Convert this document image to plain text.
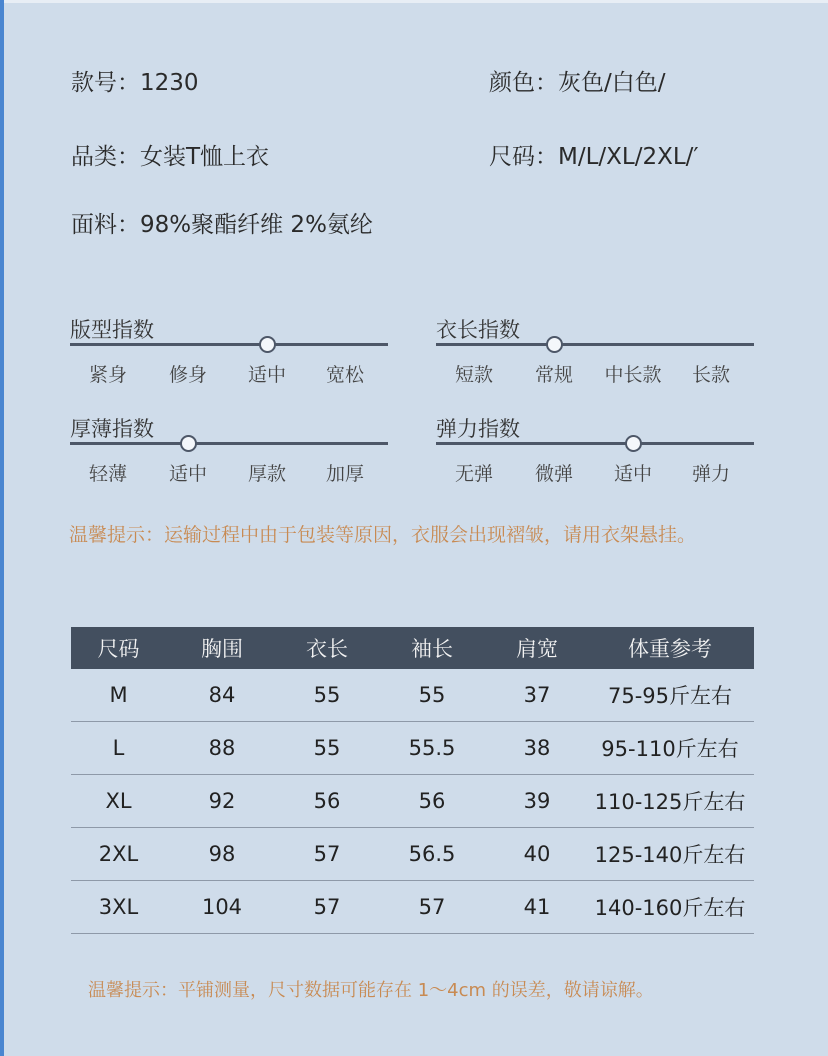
款号：1230	颜色：灰色/白色/
品类：女装T恤上衣	尺码：M/L/XL/2XL/′
面料：98%聚酯纤维 2%氨纶
版型指数
紧身	修身	适中	宽松
衣长指数
短款	常规	中长款	长款
厚薄指数
轻薄	适中	厚款	加厚
弹力指数
无弹	微弹	适中	弹力
温馨提示：运输过程中由于包装等原因，衣服会出现褶皱，请用衣架悬挂。
尺码	胸围	衣长	袖长	肩宽	体重参考
M	84	55	55	37	75-95斤左右
L	88	55	55.5	38	95-110斤左右
XL	92	56	56	39	110-125斤左右
2XL	98	57	56.5	40	125-140斤左右
3XL	104	57	57	41	140-160斤左右
温馨提示：平铺测量，尺寸数据可能存在 1～4cm 的误差，敬请谅解。
